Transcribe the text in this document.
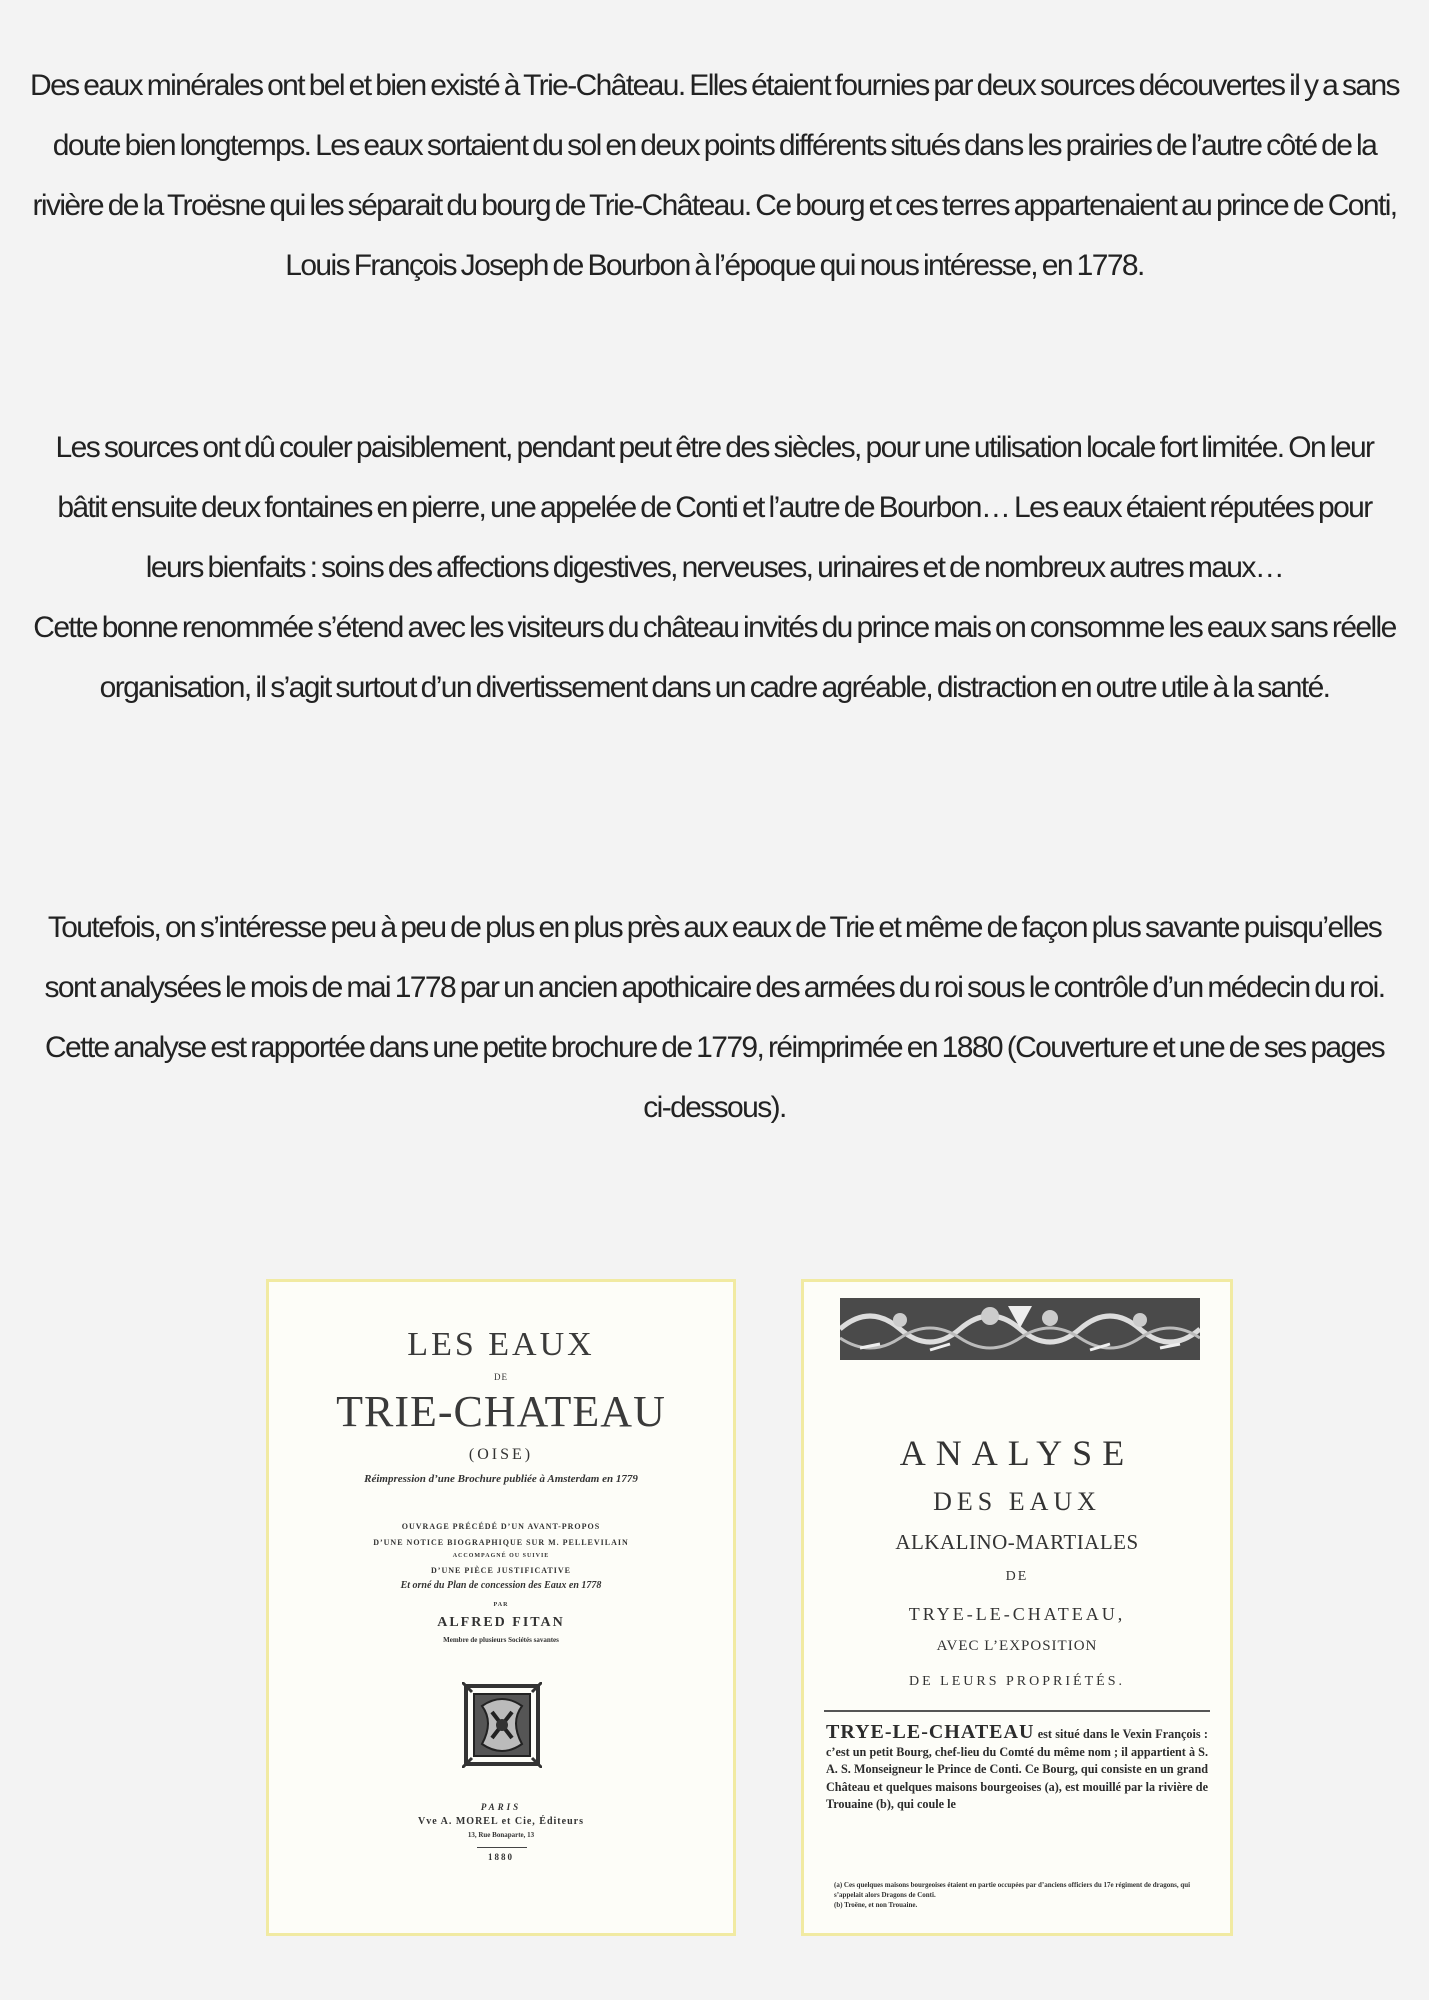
Des eaux minérales ont bel et bien existé à Trie-Château. Elles étaient fournies par deux sources découvertes il y a sans doute bien longtemps. Les eaux sortaient du sol en deux points différents situés dans les prairies de l’autre côté de la rivière de la Troësne qui les séparait du bourg de Trie-Château. Ce bourg et ces terres appartenaient au prince de Conti, Louis François Joseph de Bourbon à l’époque qui nous intéresse, en 1778.

Les sources ont dû couler paisiblement, pendant peut être des siècles, pour une utilisation locale fort limitée. On leur bâtit ensuite deux fontaines en pierre, une appelée de Conti et l’autre de Bourbon… Les eaux étaient réputées pour leurs bienfaits : soins des affections digestives, nerveuses, urinaires et de nombreux autres maux…

Cette bonne renommée s’étend avec les visiteurs du château invités du prince mais on consomme les eaux sans réelle organisation, il s’agit surtout d’un divertissement dans un cadre agréable, distraction en outre utile à la santé.

Toutefois, on s’intéresse peu à peu de plus en plus près aux eaux de Trie et même de façon plus savante puisqu’elles sont analysées le mois de mai 1778 par un ancien apothicaire des armées du roi sous le contrôle d’un médecin du roi.

Cette analyse est rapportée dans une petite brochure de 1779, réimprimée en 1880 (Couverture et une de ses pages ci-dessous).

LES EAUX

DE

TRIE-CHATEAU

(OISE)

Réimpression d’une Brochure publiée à Amsterdam en 1779

OUVRAGE PRÉCÉDÉ D’UN AVANT-PROPOS

D’UNE NOTICE BIOGRAPHIQUE SUR M. PELLEVILAIN

ACCOMPAGNÉ OU SUIVIE

D’UNE PIÈCE JUSTIFICATIVE

Et orné du Plan de concession des Eaux en 1778

PAR

ALFRED FITAN

Membre de plusieurs Sociétés savantes

PARIS

Vve A. MOREL et Cie, Éditeurs

13, Rue Bonaparte, 13

1880

ANALYSE

DES EAUX

ALKALINO-MARTIALES

DE

TRYE-LE-CHATEAU,

AVEC L’EXPOSITION

DE LEURS PROPRIÉTÉS.

TRYE-LE-CHATEAU est situé dans le Vexin François : c’est un petit Bourg, chef-lieu du Comté du même nom ; il appartient à S. A. S. Monseigneur le Prince de Conti. Ce Bourg, qui consiste en un grand Château et quelques maisons bourgeoises (a), est mouillé par la rivière de Trouaine (b), qui coule le

(a) Ces quelques maisons bourgeoises étaient en partie occupées par d’anciens officiers du 17e régiment de dragons, qui s’appelait alors Dragons de Conti.

(b) Troëne, et non Trouaine.
